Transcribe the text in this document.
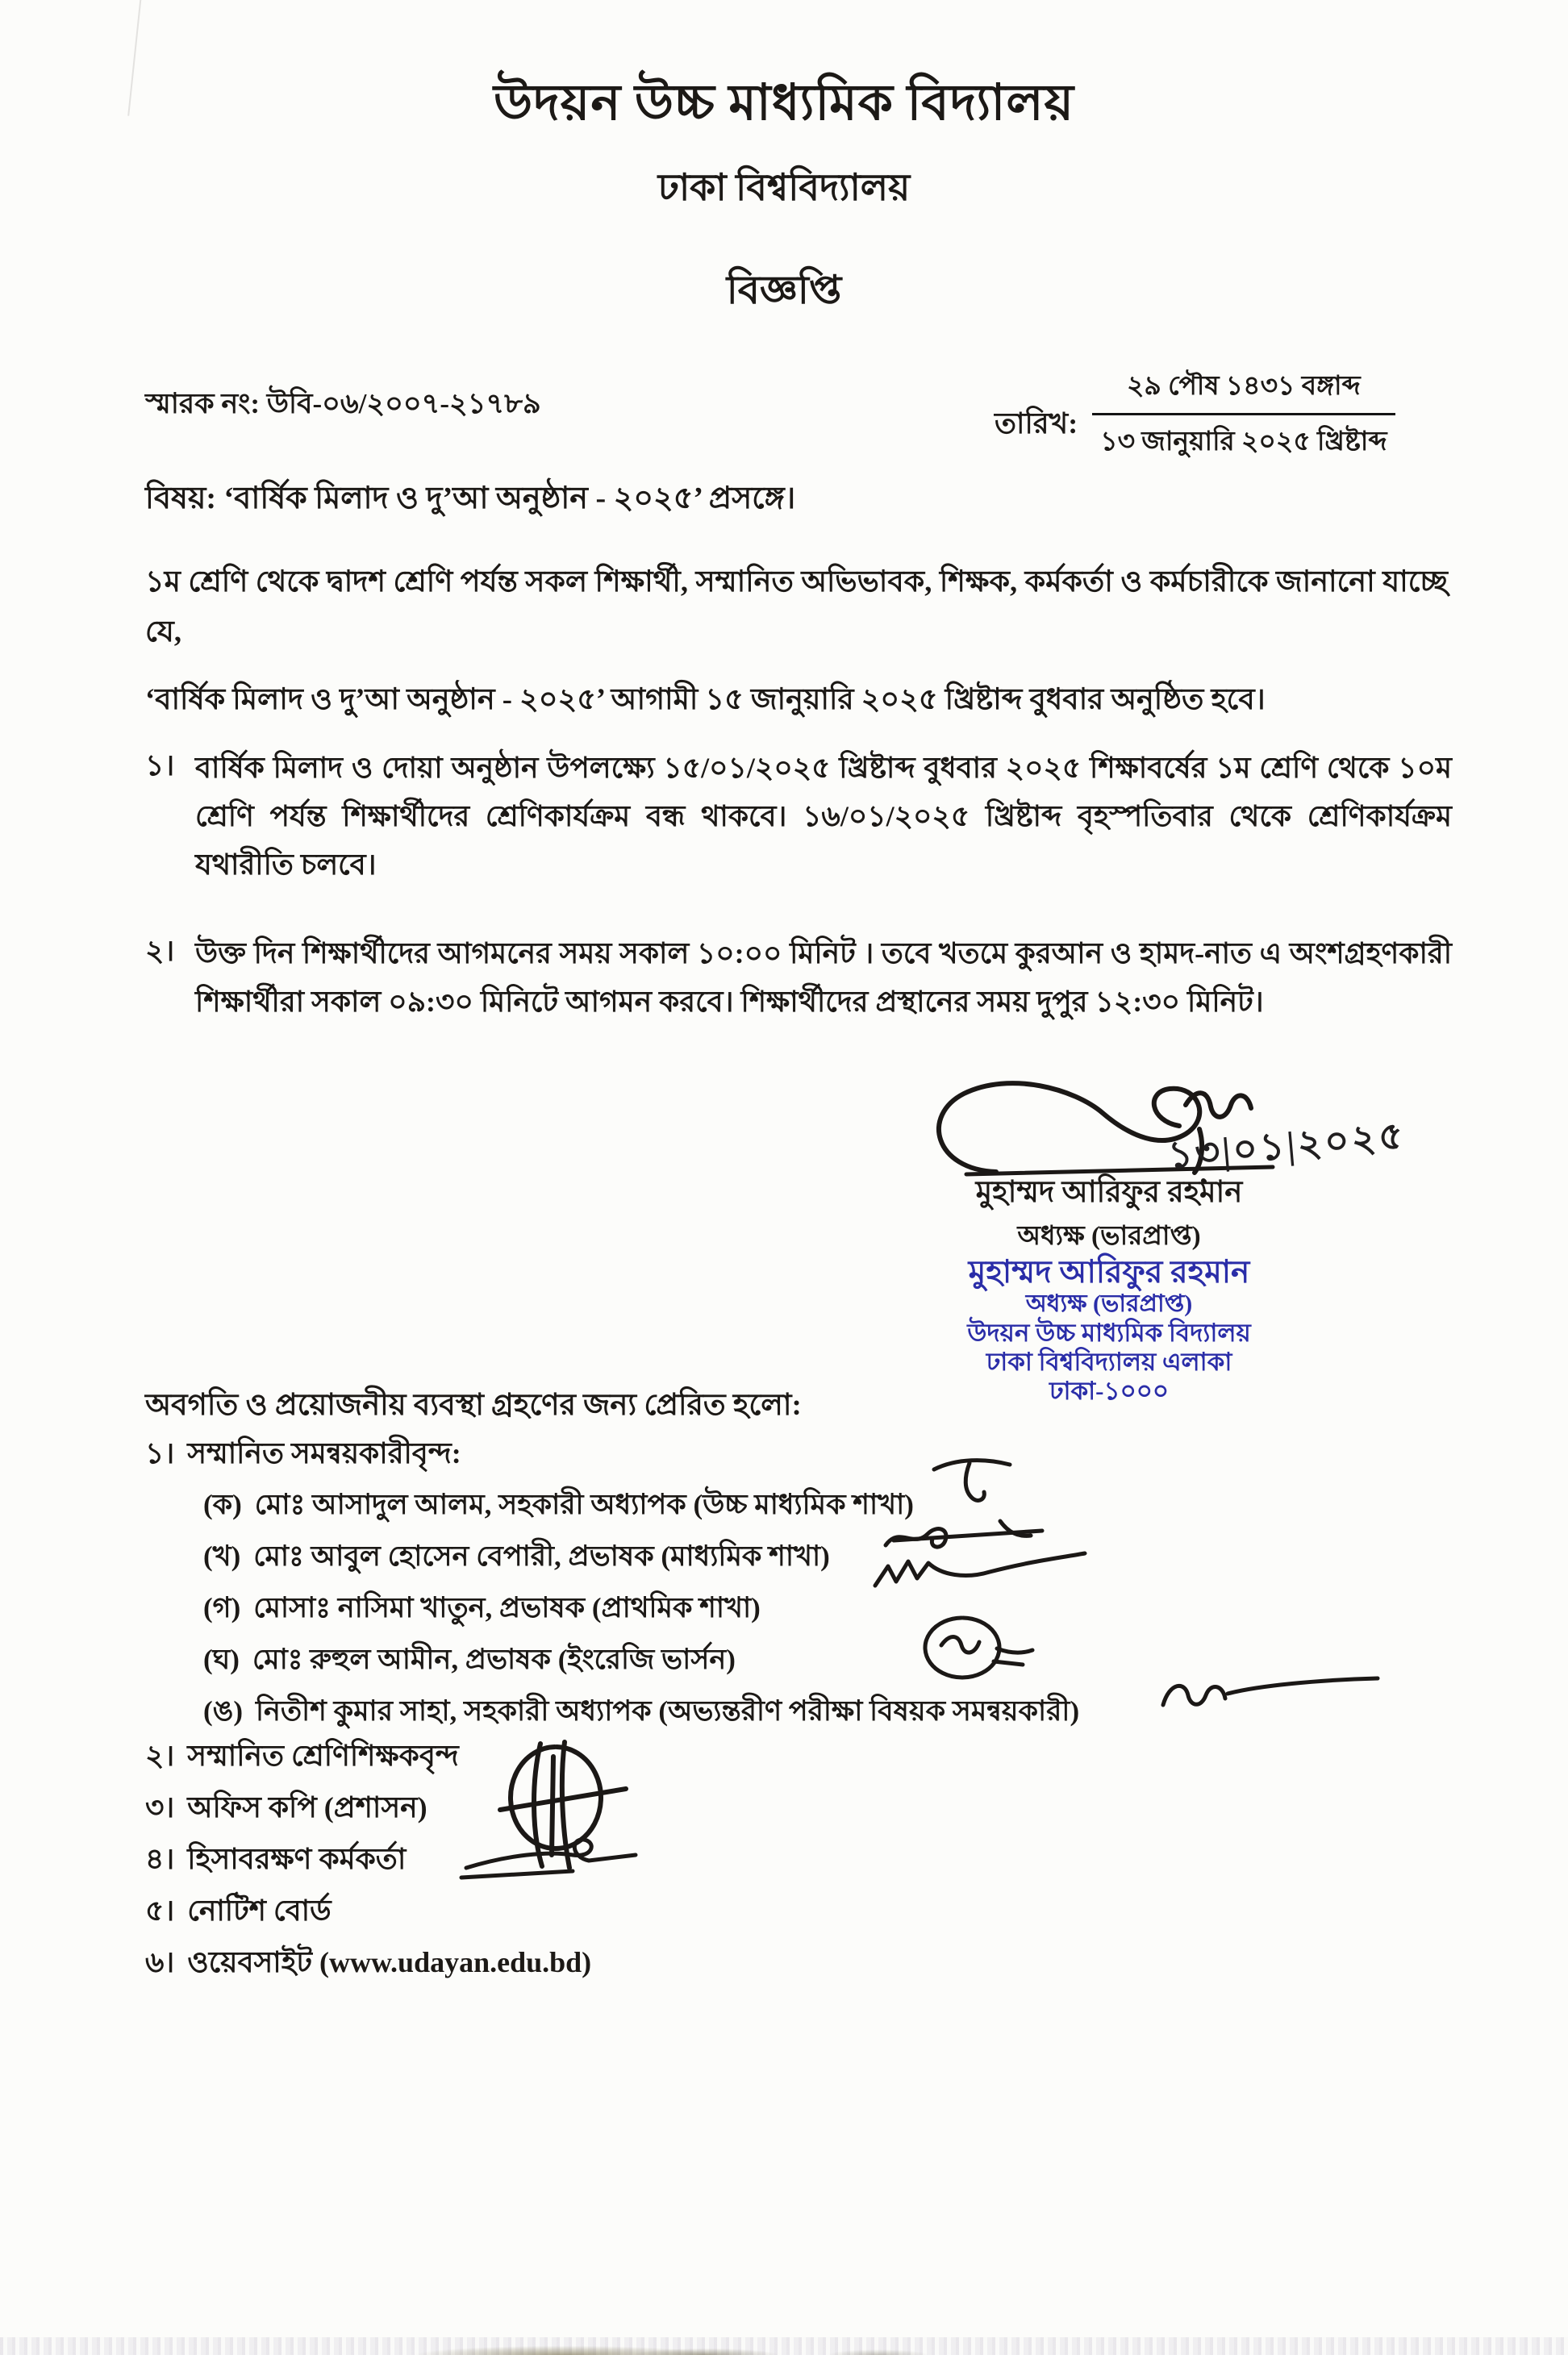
উদয়ন উচ্চ মাধ্যমিক বিদ্যালয়
ঢাকা বিশ্ববিদ্যালয়
বিজ্ঞপ্তি
স্মারক নং: উবি-০৬/২০০৭-২১৭৮৯
তারিখ: $\frac{\text{২৯ পৌষ ১৪৩১ বঙ্গাব্দ}}{\text{১৩ জানুয়ারি ২০২৫ খ্রিষ্টাব্দ}}$
বিষয়: ‘বার্ষিক মিলাদ ও দু’আ অনুষ্ঠান - ২০২৫’ প্রসঙ্গে।
১ম শ্রেণি থেকে দ্বাদশ শ্রেণি পর্যন্ত সকল শিক্ষার্থী, সম্মানিত অভিভাবক, শিক্ষক, কর্মকর্তা ও কর্মচারীকে জানানো যাচ্ছে যে,
‘বার্ষিক মিলাদ ও দু’আ অনুষ্ঠান - ২০২৫’ আগামী ১৫ জানুয়ারি ২০২৫ খ্রিষ্টাব্দ বুধবার অনুষ্ঠিত হবে।
১। বার্ষিক মিলাদ ও দোয়া অনুষ্ঠান উপলক্ষ্যে ১৫/০১/২০২৫ খ্রিষ্টাব্দ বুধবার ২০২৫ শিক্ষাবর্ষের ১ম শ্রেণি থেকে ১০ম শ্রেণি পর্যন্ত শিক্ষার্থীদের শ্রেণিকার্যক্রম বন্ধ থাকবে। ১৬/০১/২০২৫ খ্রিষ্টাব্দ বৃহস্পতিবার থেকে শ্রেণিকার্যক্রম যথারীতি চলবে।
২। উক্ত দিন শিক্ষার্থীদের আগমনের সময় সকাল ১০:০০ মিনিট । তবে খতমে কুরআন ও হামদ-নাত এ অংশগ্রহণকারী শিক্ষার্থীরা সকাল ০৯:৩০ মিনিটে আগমন করবে। শিক্ষার্থীদের প্রস্থানের সময় দুপুর ১২:৩০ মিনিট।
১৩|০১|২০২৫
মুহাম্মদ আরিফুর রহমান
অধ্যক্ষ (ভারপ্রাপ্ত)
মুহাম্মদ আরিফুর রহমান
অধ্যক্ষ (ভারপ্রাপ্ত)
উদয়ন উচ্চ মাধ্যমিক বিদ্যালয়
ঢাকা বিশ্ববিদ্যালয় এলাকা
ঢাকা-১০০০
অবগতি ও প্রয়োজনীয় ব্যবস্থা গ্রহণের জন্য প্রেরিত হলো:
১। সম্মানিত সমন্বয়কারীবৃন্দ:
(ক) মোঃ আসাদুল আলম, সহকারী অধ্যাপক (উচ্চ মাধ্যমিক শাখা)
(খ) মোঃ আবুল হোসেন বেপারী, প্রভাষক (মাধ্যমিক শাখা)
(গ) মোসাঃ নাসিমা খাতুন, প্রভাষক (প্রাথমিক শাখা)
(ঘ) মোঃ রুহুল আমীন, প্রভাষক (ইংরেজি ভার্সন)
(ঙ) নিতীশ কুমার সাহা, সহকারী অধ্যাপক (অভ্যন্তরীণ পরীক্ষা বিষয়ক সমন্বয়কারী)
২। সম্মানিত শ্রেণিশিক্ষকবৃন্দ
৩। অফিস কপি (প্রশাসন)
৪। হিসাবরক্ষণ কর্মকর্তা
৫। নোটিশ বোর্ড
৬। ওয়েবসাইট (www.udayan.edu.bd)
